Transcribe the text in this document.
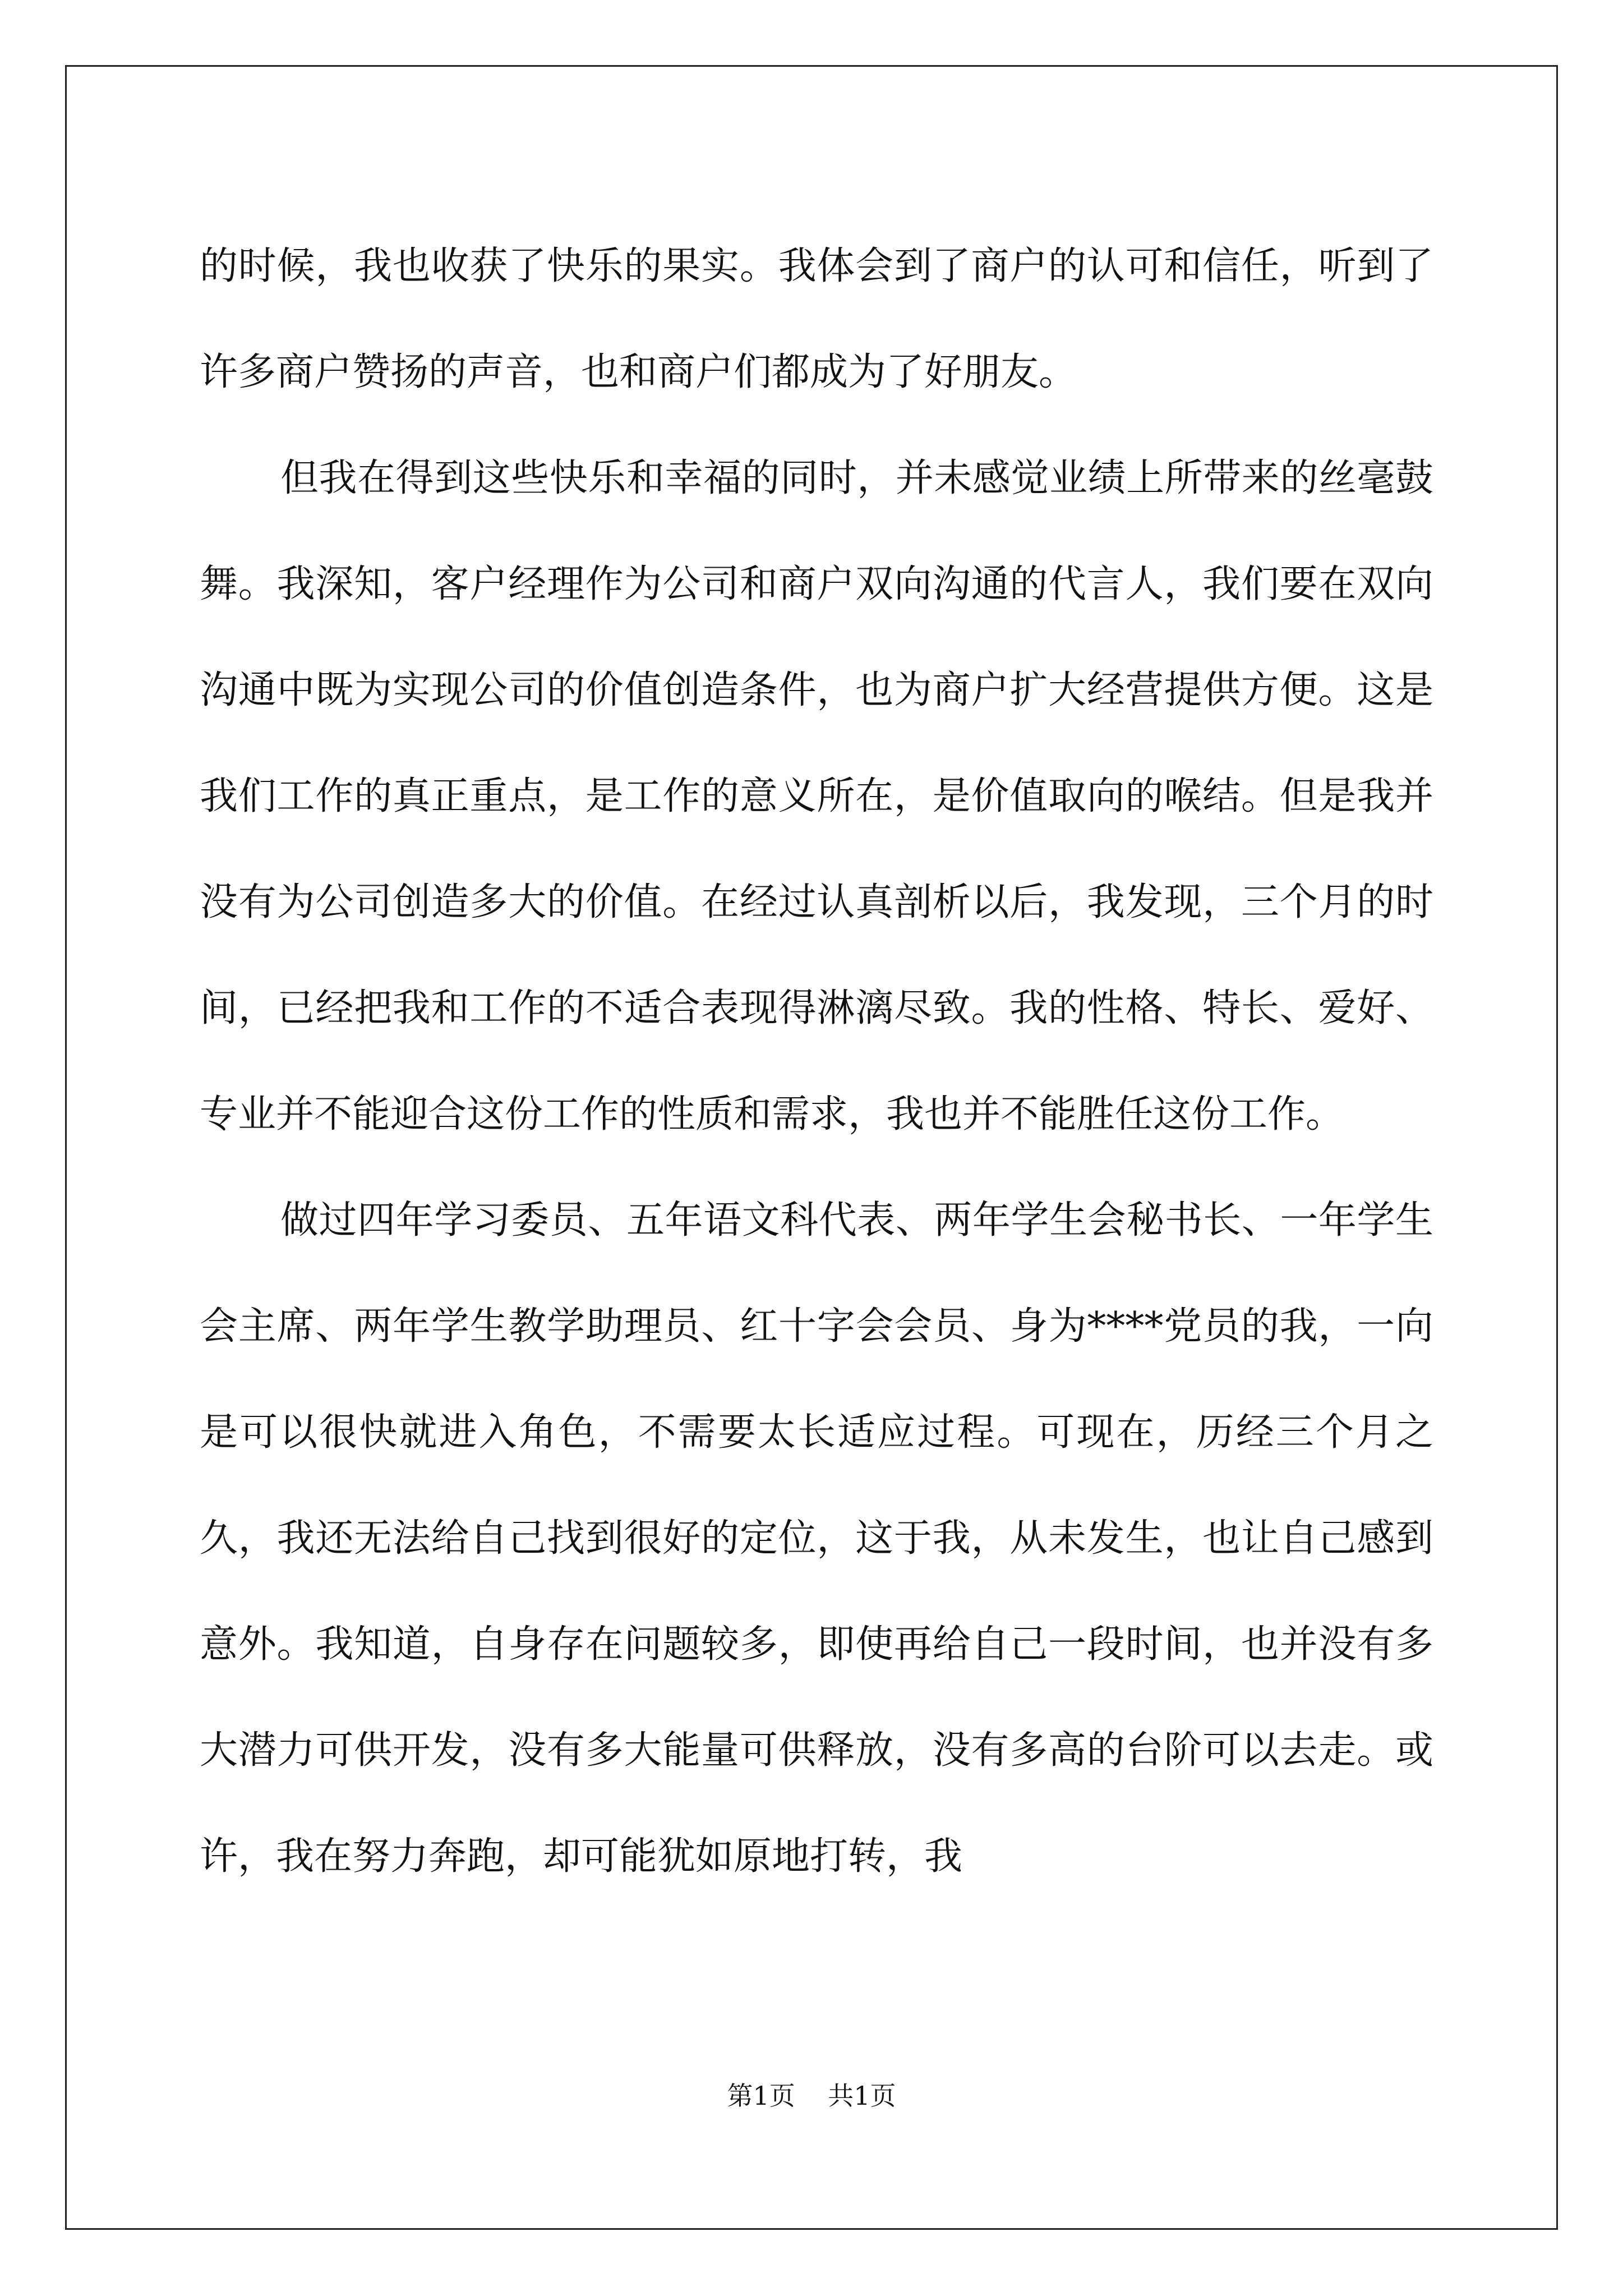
的时候，我也收获了快乐的果实。我体会到了商户的认可和信任，听到了许多商户赞扬的声音，也和商户们都成为了好朋友。

但我在得到这些快乐和幸福的同时，并未感觉业绩上所带来的丝毫鼓舞。我深知，客户经理作为公司和商户双向沟通的代言人，我们要在双向沟通中既为实现公司的价值创造条件，也为商户扩大经营提供方便。这是我们工作的真正重点，是工作的意义所在，是价值取向的喉结。但是我并没有为公司创造多大的价值。在经过认真剖析以后，我发现，三个月的时间，已经把我和工作的不适合表现得淋漓尽致。我的性格、特长、爱好、专业并不能迎合这份工作的性质和需求，我也并不能胜任这份工作。

做过四年学习委员、五年语文科代表、两年学生会秘书长、一年学生会主席、两年学生教学助理员、红十字会会员、身为****党员的我，一向是可以很快就进入角色，不需要太长适应过程。可现在，历经三个月之久，我还无法给自己找到很好的定位，这于我，从未发生，也让自己感到意外。我知道，自身存在问题较多，即使再给自己一段时间，也并没有多大潜力可供开发，没有多大能量可供释放，没有多高的台阶可以去走。或许，我在努力奔跑，却可能犹如原地打转，我

第1页 共1页
